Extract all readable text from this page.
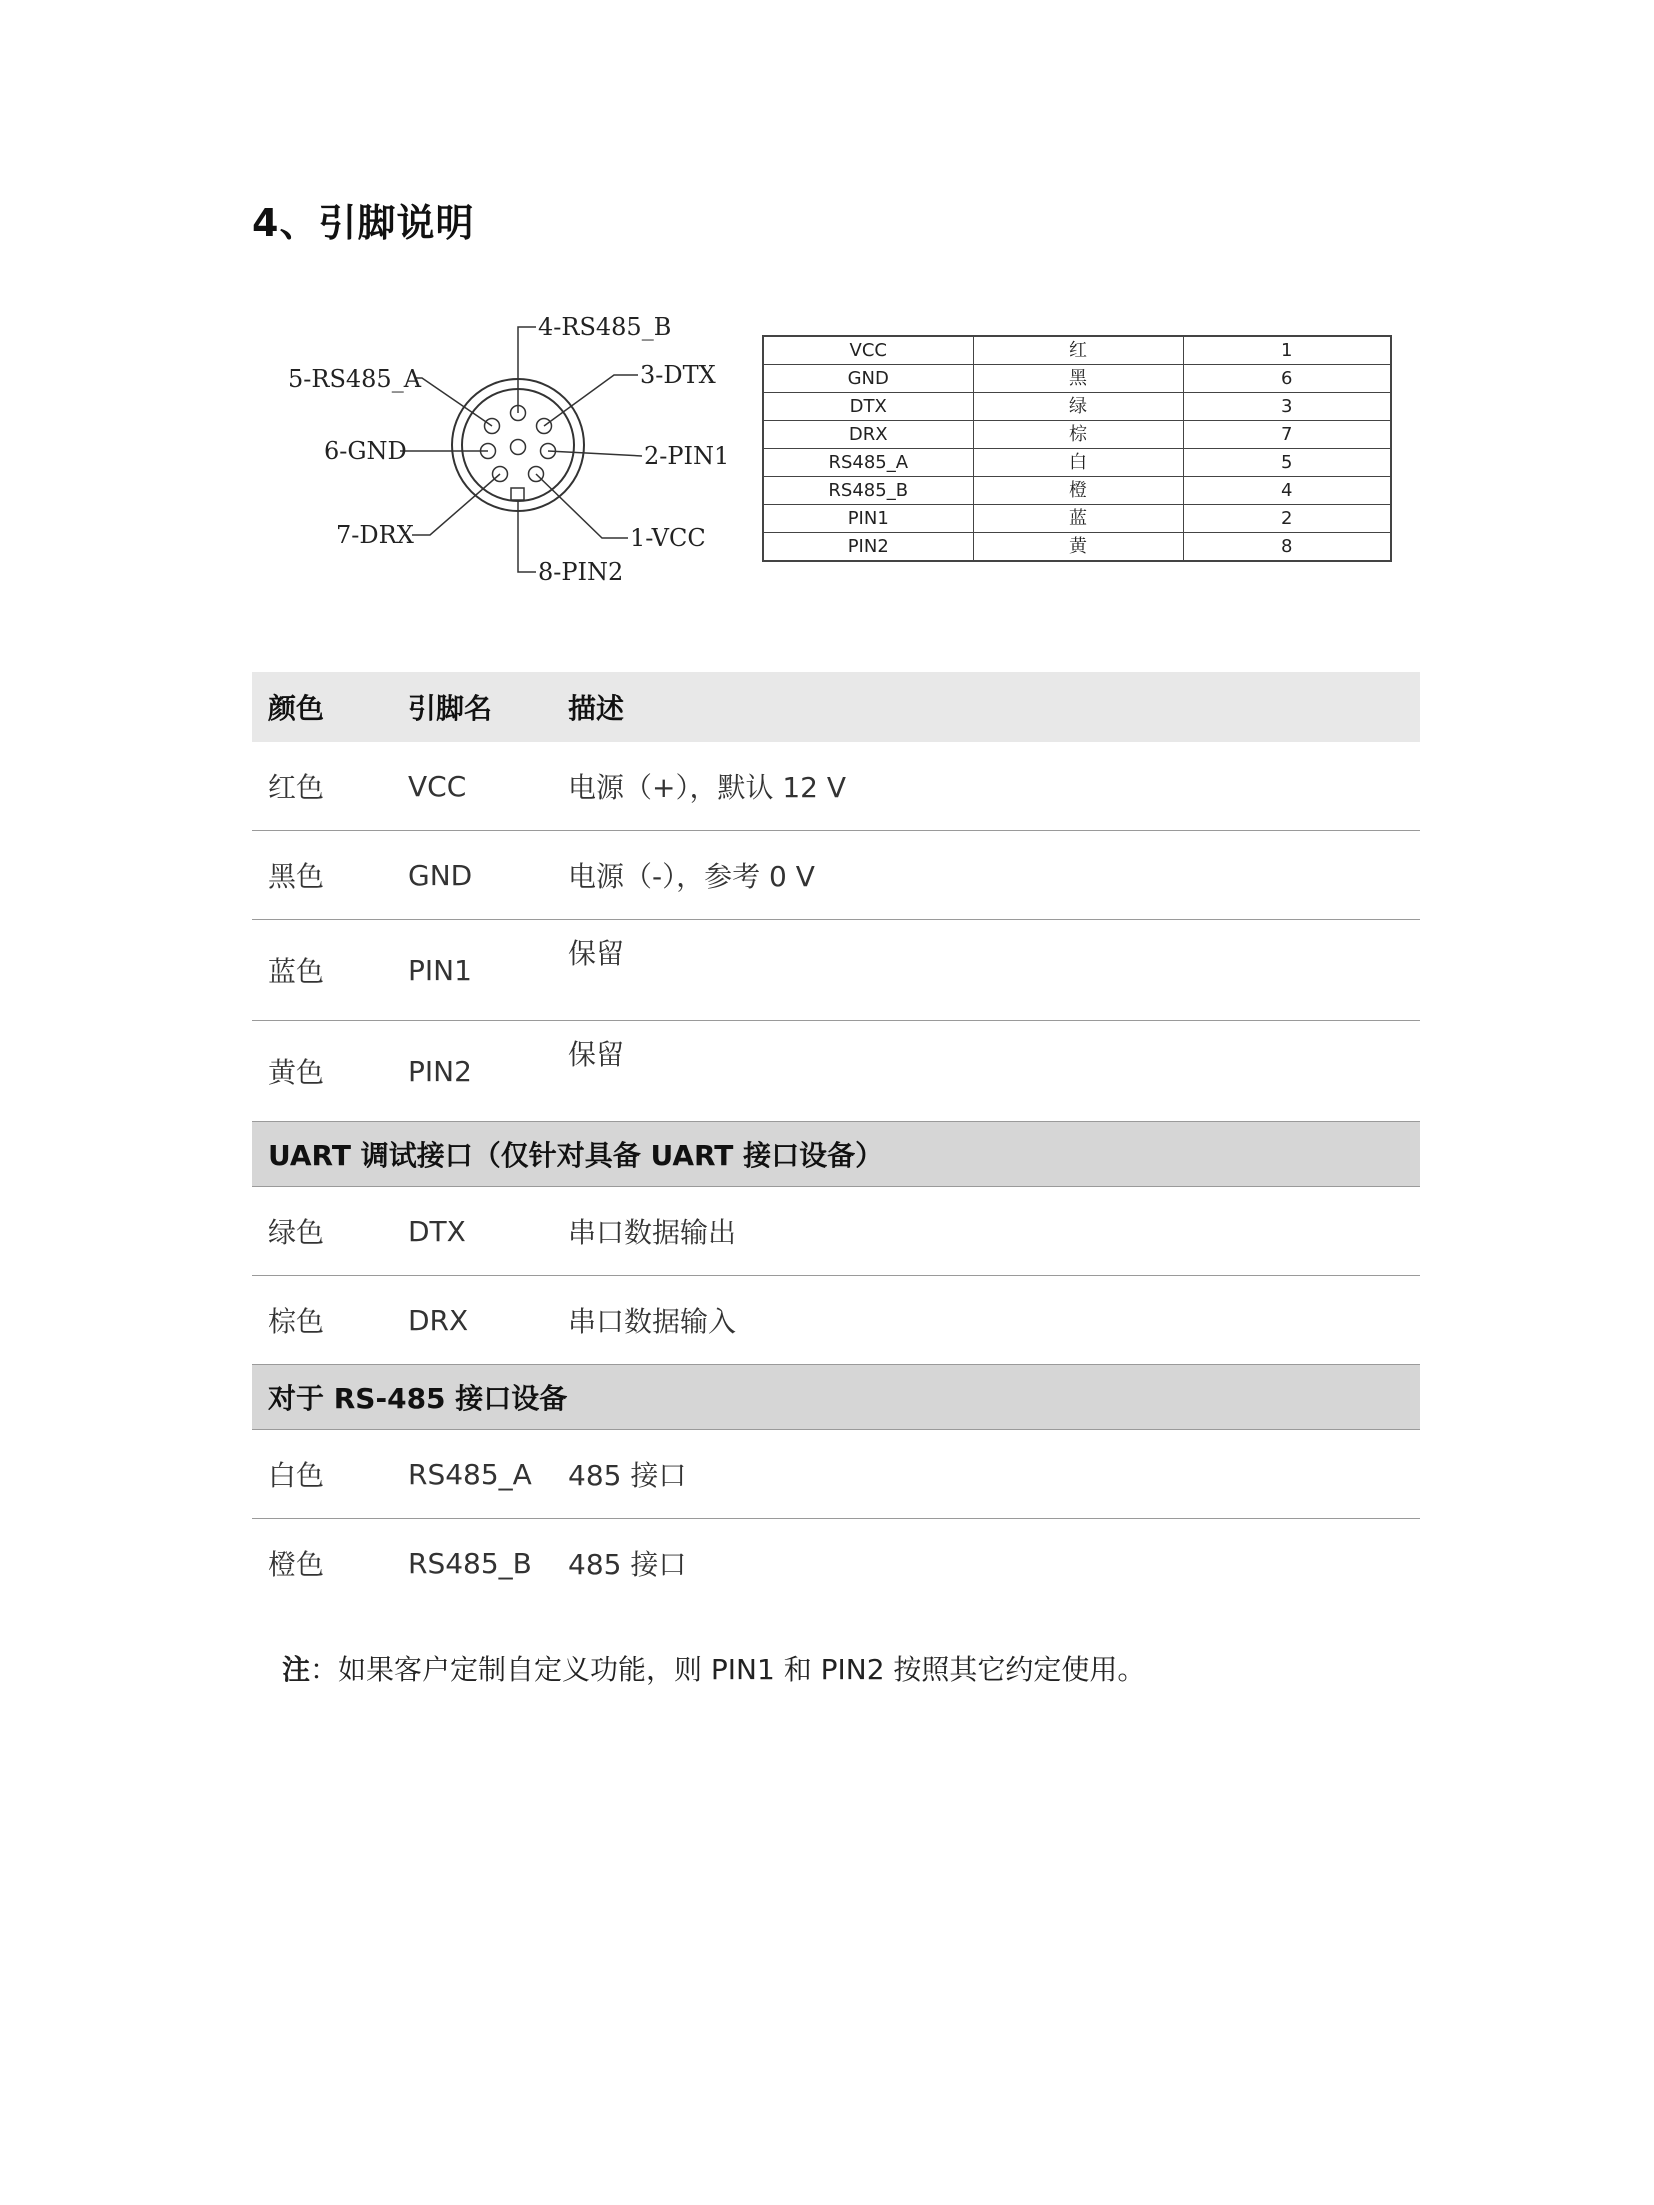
4、引脚说明
4-RS485_B
5-RS485_A	3-DTX
6-GND	2-PIN1
7-DRX	1-VCC
8-PIN2
VCC	红	1
GND	黑	6
DTX	绿	3
DRX	棕	7
RS485_A	白	5
RS485_B	橙	4
PIN1	蓝	2
PIN2	黄	8
颜色	引脚名	描述
红色	VCC	电源（+），默认 12 V
黑色	GND	电源（-），参考 0 V
蓝色	PIN1	保留
黄色	PIN2	保留
UART 调试接口（仅针对具备 UART 接口设备）		
绿色	DTX	串口数据输出
棕色	DRX	串口数据输入
对于 RS-485 接口设备		
白色	RS485_A	485 接口
橙色	RS485_B	485 接口
注：如果客户定制自定义功能，则 PIN1 和 PIN2 按照其它约定使用。
